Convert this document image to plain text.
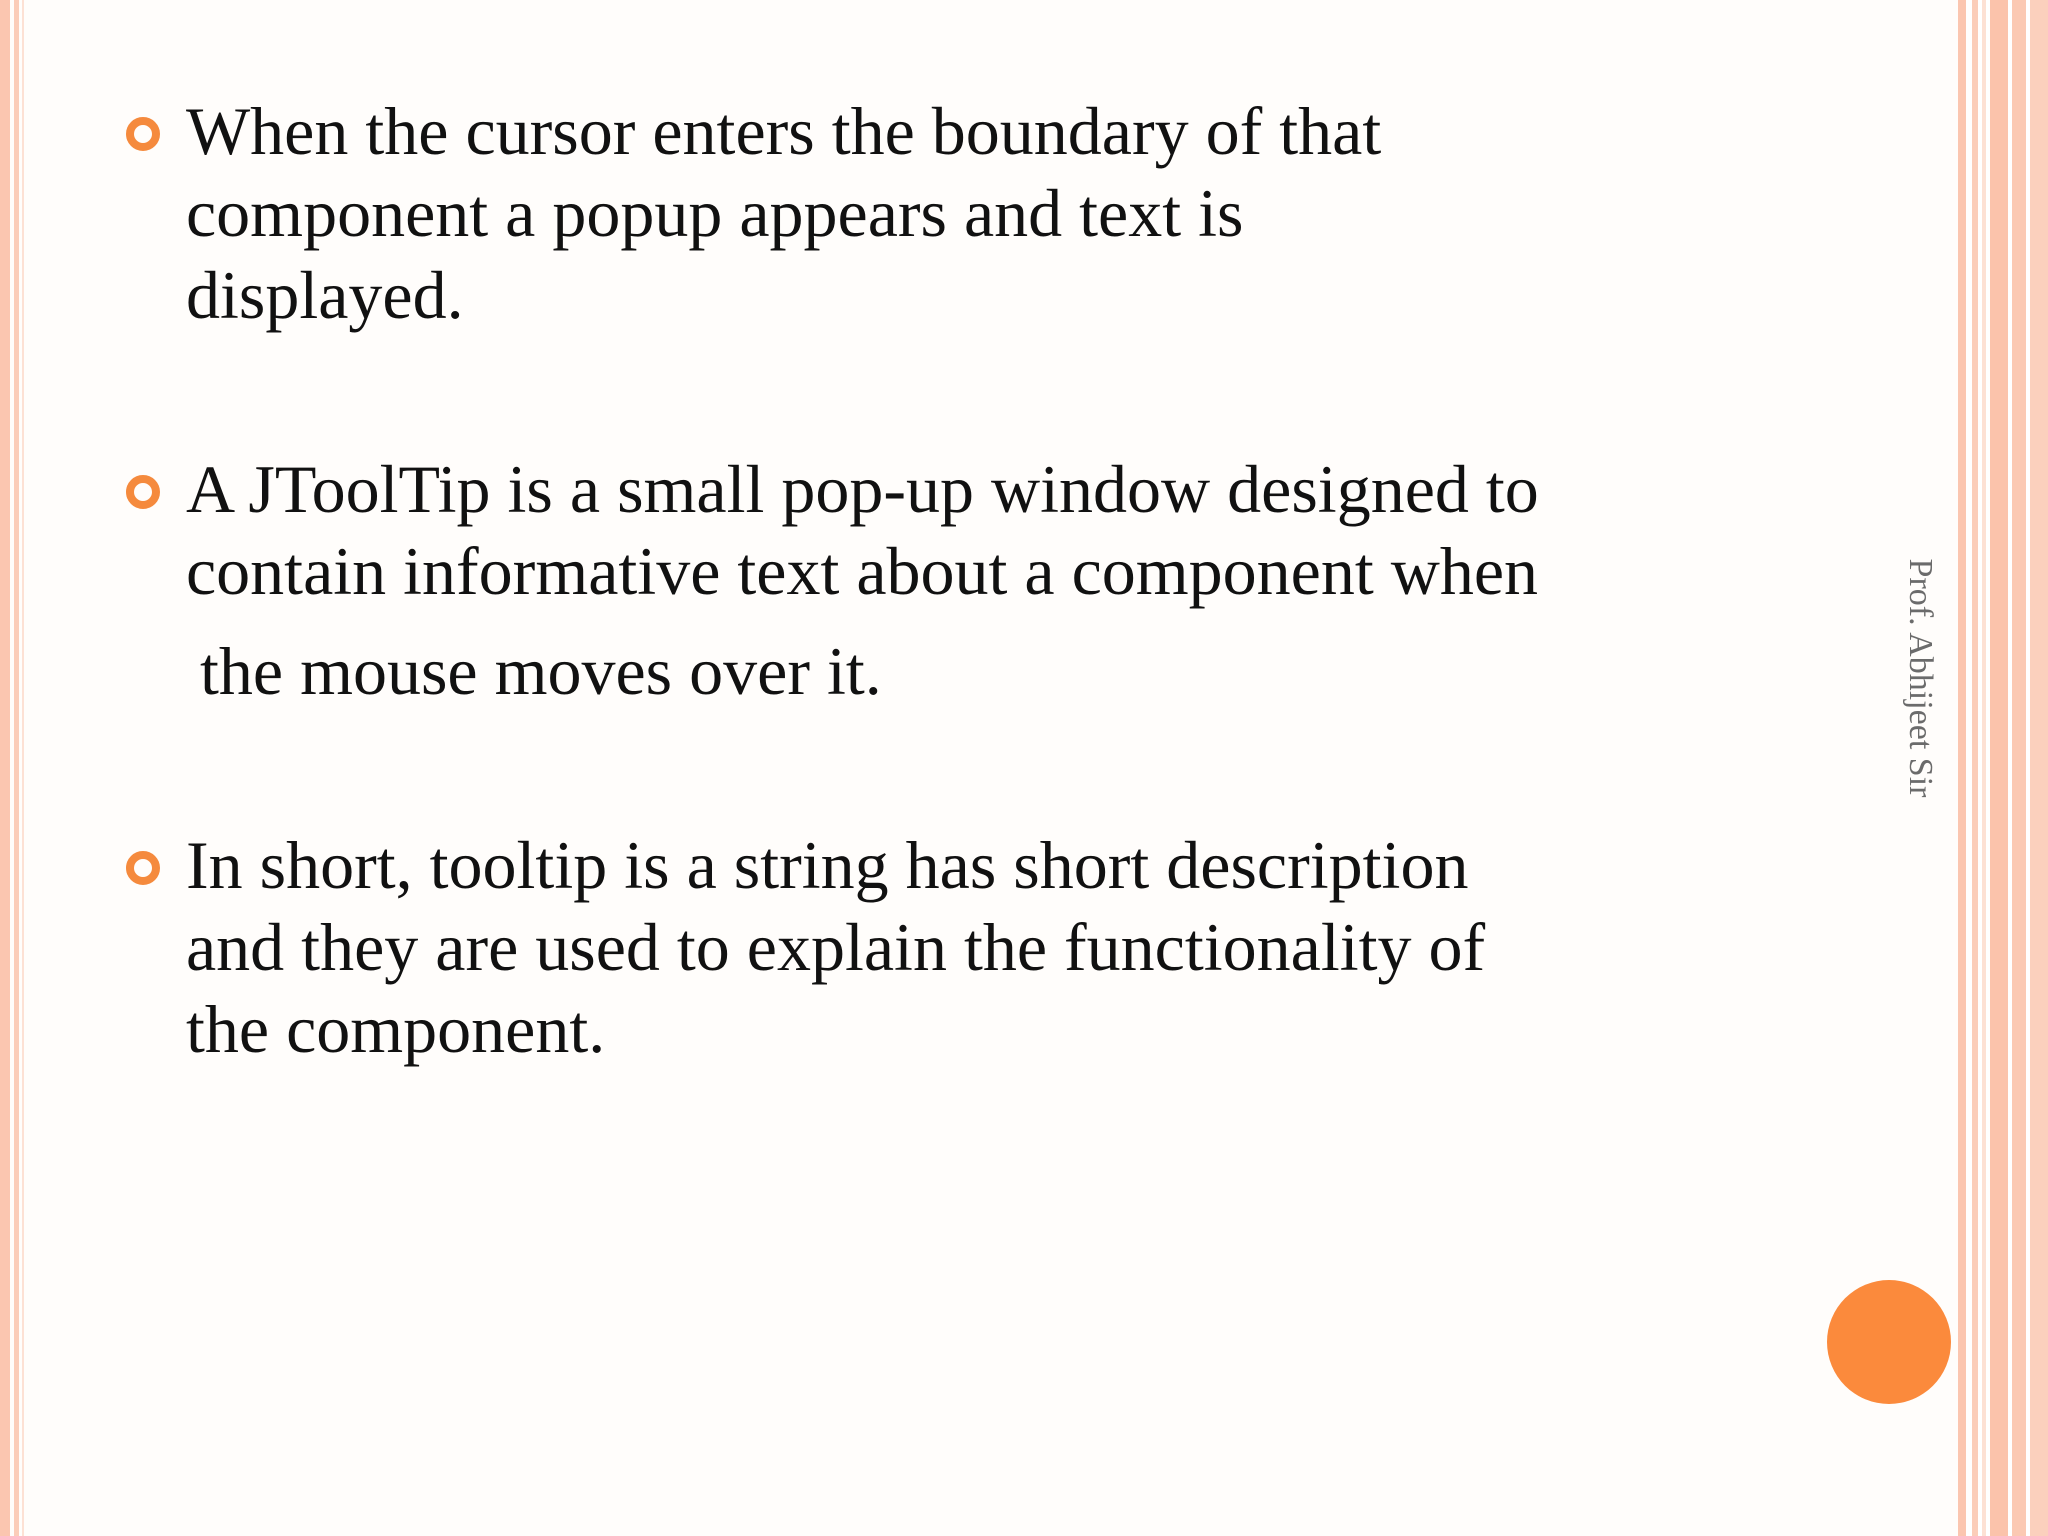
When the cursor enters the boundary of that
component a popup appears and text is
displayed.
A JToolTip is a small pop-up window designed to
contain informative text about a component when
the mouse moves over it.
In short, tooltip is a string has short description
and they are used to explain the functionality of
the component.
Prof. Abhijeet Sir
